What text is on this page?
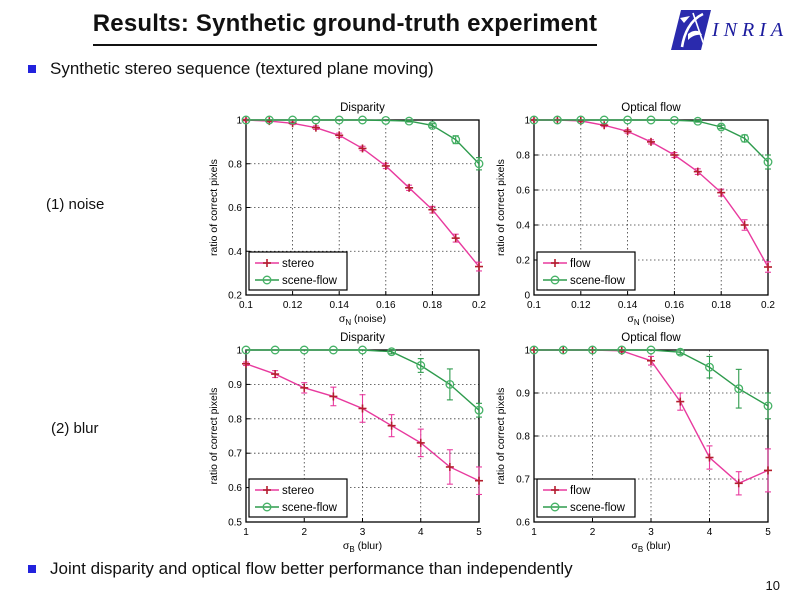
Results: Synthetic ground-truth experiment	INRIA
Synthetic stereo sequence (textured plane moving)
(1) noise
(2) blur
0.1	0.12	0.14	0.16	0.18	0.2
0.2
0.4
0.6
0.8
1
Disparity
ratio of correct pixels
$\sigma_N$ (noise)
stereo
scene-flow
0.1	0.12	0.14	0.16	0.18	0.2
0
0.2
0.4
0.6
0.8
1
Optical flow
ratio of correct pixels
$\sigma_N$ (noise)
flow
scene-flow
1	2	3	4	5
0.5
0.6
0.7
0.8
0.9
1
Disparity
ratio of correct pixels
$\sigma_B$ (blur)
stereo
scene-flow
1	2	3	4	5
0.6
0.7
0.8
0.9
1
Optical flow
ratio of correct pixels
$\sigma_B$ (blur)
flow
scene-flow
Joint disparity and optical flow better performance than independently
10
